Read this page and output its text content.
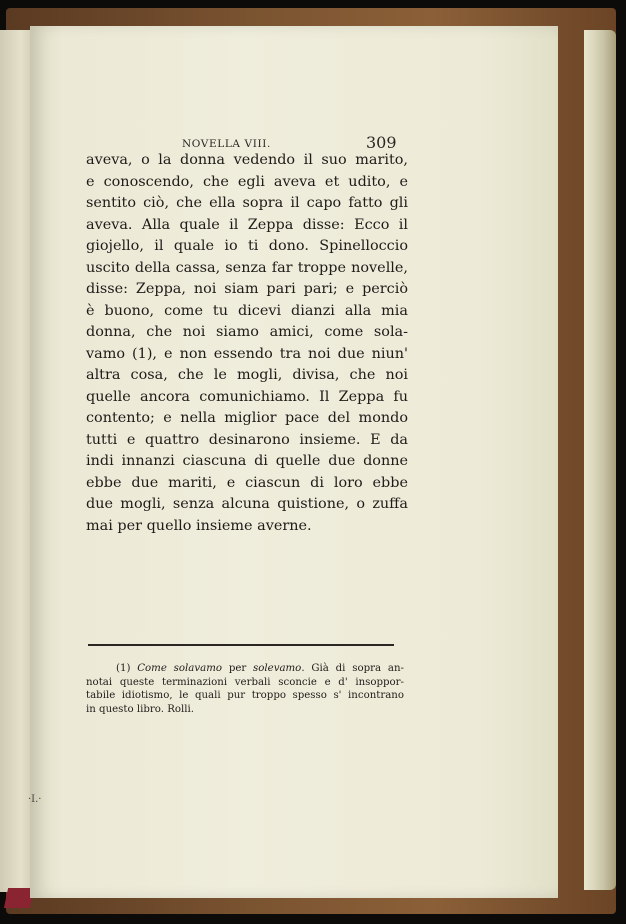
NOVELLA VIII.	309
aveva, o la donna vedendo il suo marito,
e conoscendo, che egli aveva et udito, e
sentito ciò, che ella sopra il capo fatto gli
aveva. Alla quale il Zeppa disse: Ecco il
giojello, il quale io ti dono. Spinelloccio
uscito della cassa, senza far troppe novelle,
disse: Zeppa, noi siam pari pari; e perciò
è buono, come tu dicevi dianzi alla mia
donna, che noi siamo amici, come sola-
vamo (1), e non essendo tra noi due niun'
altra cosa, che le mogli, divisa, che noi
quelle ancora comunichiamo. Il Zeppa fu
contento; e nella miglior pace del mondo
tutti e quattro desinarono insieme. E da
indi innanzi ciascuna di quelle due donne
ebbe due mariti, e ciascun di loro ebbe
due mogli, senza alcuna quistione, o zuffa
mai per quello insieme averne.
(1) Come solavamo per solevamo. Già di sopra an-
notai queste terminazioni verbali sconcie e d' insoppor-
tabile idiotismo, le quali pur troppo spesso s' incontrano
in questo libro. Rolli.
·I.·
